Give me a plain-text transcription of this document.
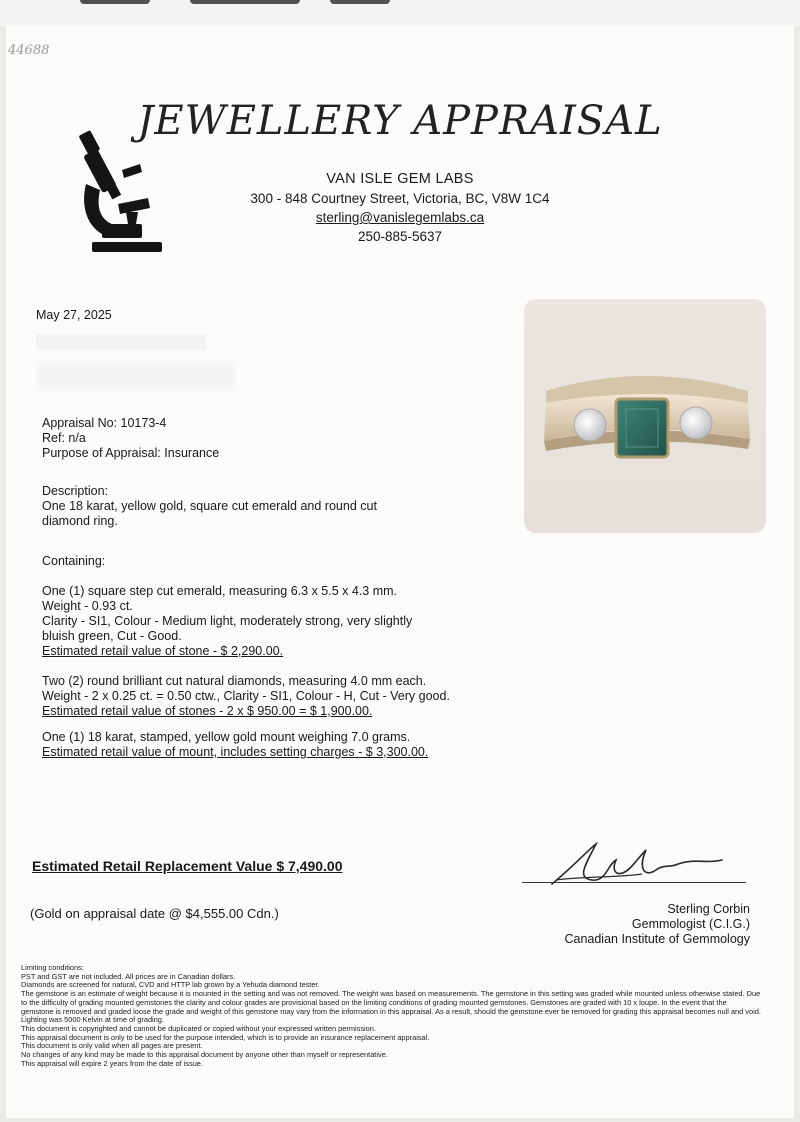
44688
JEWELLERY APPRAISAL
VAN ISLE GEM LABS
300 - 848 Courtney Street, Victoria, BC, V8W 1C4
sterling@vanislegemlabs.ca
250-885-5637
May 27, 2025
Appraisal No: 10173-4
Ref: n/a
Purpose of Appraisal: Insurance
Description:
One 18 karat, yellow gold, square cut emerald and round cut
diamond ring.
Containing:
One (1) square step cut emerald, measuring 6.3 x 5.5 x 4.3 mm.
Weight - 0.93 ct.
Clarity - SI1, Colour - Medium light, moderately strong, very slightly
bluish green, Cut - Good.
Estimated retail value of stone - $ 2,290.00.
Two (2) round brilliant cut natural diamonds, measuring 4.0 mm each.
Weight - 2 x 0.25 ct. = 0.50 ctw., Clarity - SI1, Colour - H, Cut - Very good.
Estimated retail value of stones - 2 x $ 950.00 = $ 1,900.00.
One (1) 18 karat, stamped, yellow gold mount weighing 7.0 grams.
Estimated retail value of mount, includes setting charges - $ 3,300.00.
Estimated Retail Replacement Value $ 7,490.00
(Gold on appraisal date @ $4,555.00 Cdn.)	Sterling Corbin
Gemmologist (C.I.G.)
Canadian Institute of Gemmology
Limiting conditions:
PST and GST are not included. All prices are in Canadian dollars.
Diamonds are screened for natural, CVD and HTTP lab grown by a Yehuda diamond tester.
The gemstone is an estimate of weight because it is mounted in the setting and was not removed. The weight was based on measurements. The gemstone in this setting was graded while mounted unless otherwise stated. Due to the difficulty of grading mounted gemstones the clarity and colour grades are provisional based on the limiting conditions of grading mounted gemstones. Gemstones are graded with 10 x loupe. In the event that the gemstone is removed and graded loose the grade and weight of this gemstone may vary from the information in this appraisal. As a result, should the gemstone ever be removed for grading this appraisal becomes null and void.
Lighting was 5000 Kelvin at time of grading.
This document is copyrighted and cannot be duplicated or copied without your expressed written permission.
This appraisal document is only to be used for the purpose intended, which is to provide an insurance replacement appraisal.
This document is only valid when all pages are present.
No changes of any kind may be made to this appraisal document by anyone other than myself or representative.
This appraisal will expire 2 years from the date of issue.
